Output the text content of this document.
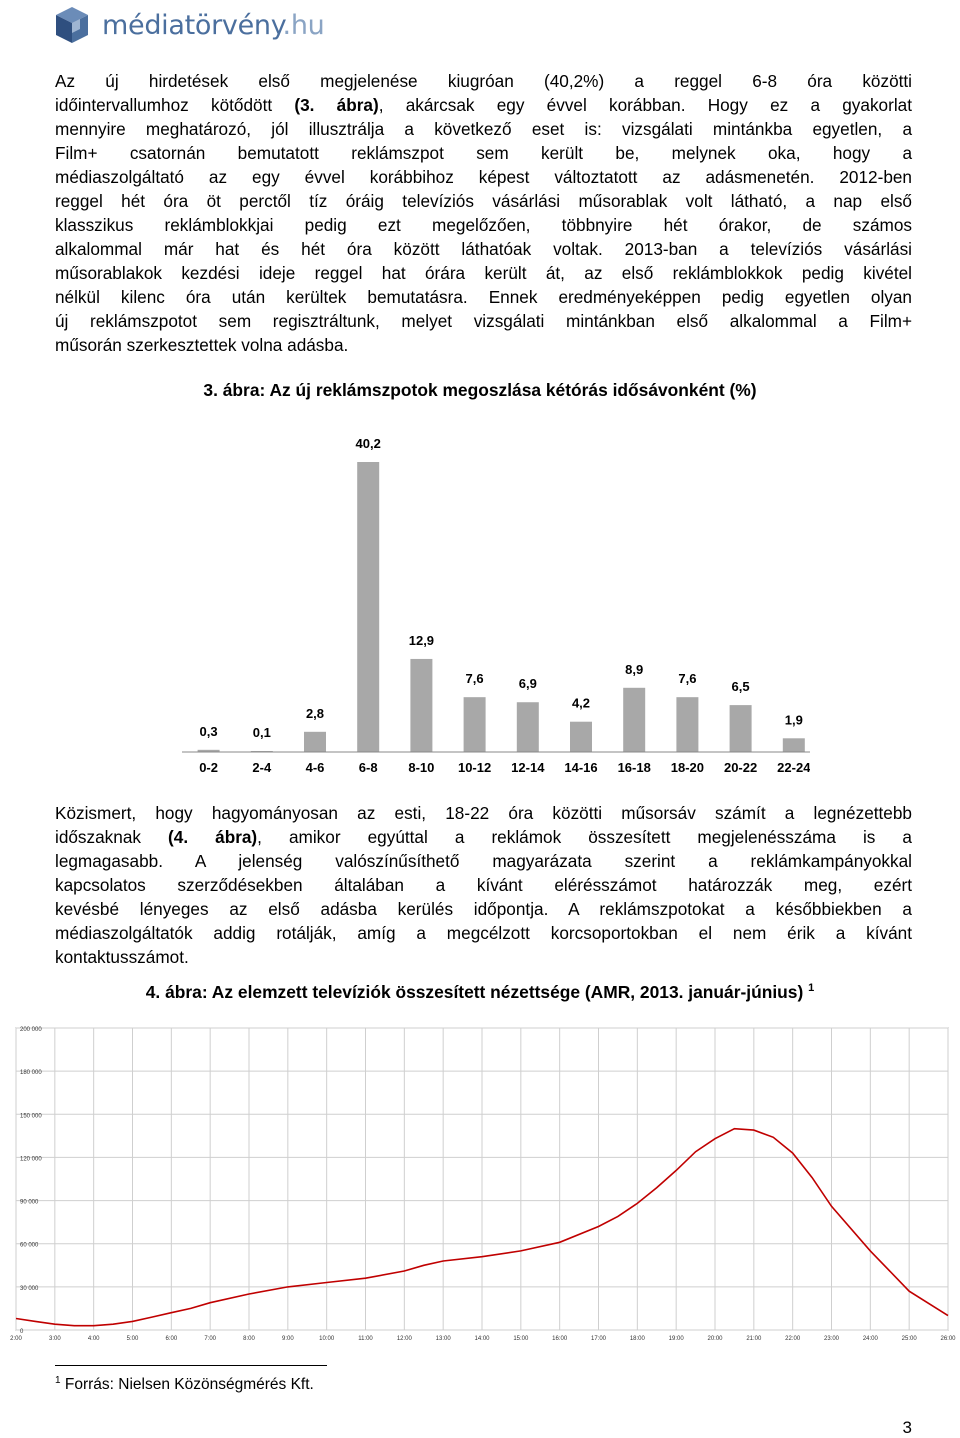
médiatörvény.hu
Az új hirdetések első megjelenése kiugróan (40,2%) a reggel 6-8 óra közötti
időintervallumhoz kötődött (3. ábra), akárcsak egy évvel korábban. Hogy ez a gyakorlat
mennyire meghatározó, jól illusztrálja a következő eset is: vizsgálati mintánkba egyetlen, a
Film+ csatornán bemutatott reklámszpot sem került be, melynek oka, hogy a
médiaszolgáltató az egy évvel korábbihoz képest változtatott az adásmenetén. 2012-ben
reggel hét óra öt perctől tíz óráig televíziós vásárlási műsorablak volt látható, a nap első
klasszikus reklámblokkjai pedig ezt megelőzően, többnyire hét órakor, de számos
alkalommal már hat és hét óra között láthatóak voltak. 2013-ban a televíziós vásárlási
műsorablakok kezdési ideje reggel hat órára került át, az első reklámblokkok pedig kivétel
nélkül kilenc óra után kerültek bemutatásra. Ennek eredményeképpen pedig egyetlen olyan
új reklámszpotot sem regisztráltunk, melyet vizsgálati mintánkban első alkalommal a Film+
műsorán szerkesztettek volna adásba.
3. ábra: Az új reklámszpotok megoszlása kétórás idősávonként (%)
0,3
0-2
0,1
2-4
2,8
4-6
40,2
6-8
12,9
8-10
7,6
10-12
6,9
12-14
4,2
14-16
8,9
16-18
7,6
18-20
6,5
20-22
1,9
22-24
Közismert, hogy hagyományosan az esti, 18-22 óra közötti műsorsáv számít a legnézettebb
időszaknak (4. ábra), amikor egyúttal a reklámok összesített megjelenésszáma is a
legmagasabb. A jelenség valószínűsíthető magyarázata szerint a reklámkampányokkal
kapcsolatos szerződésekben általában a kívánt elérésszámot határozzák meg, ezért
kevésbé lényeges az első adásba kerülés időpontja. A reklámszpotokat a későbbiekben a
médiaszolgáltatók addig rotálják, amíg a megcélzott korcsoportokban el nem érik a kívánt
kontaktusszámot.
4. ábra: Az elemzett televíziók összesített nézettsége (AMR, 2013. január-június) $^1$
200 000
180 000
150 000
120 000
90 000
60 000
30 000
0
2:00	3:00	4:00	5:00	6:00	7:00	8:00	9:00	10:00	11:00	12:00	13:00	14:00	15:00	16:00	17:00	18:00	19:00	20:00	21:00	22:00	23:00	24:00	25:00	26:00
$^1$ Forrás: Nielsen Közönségmérés Kft.
3
